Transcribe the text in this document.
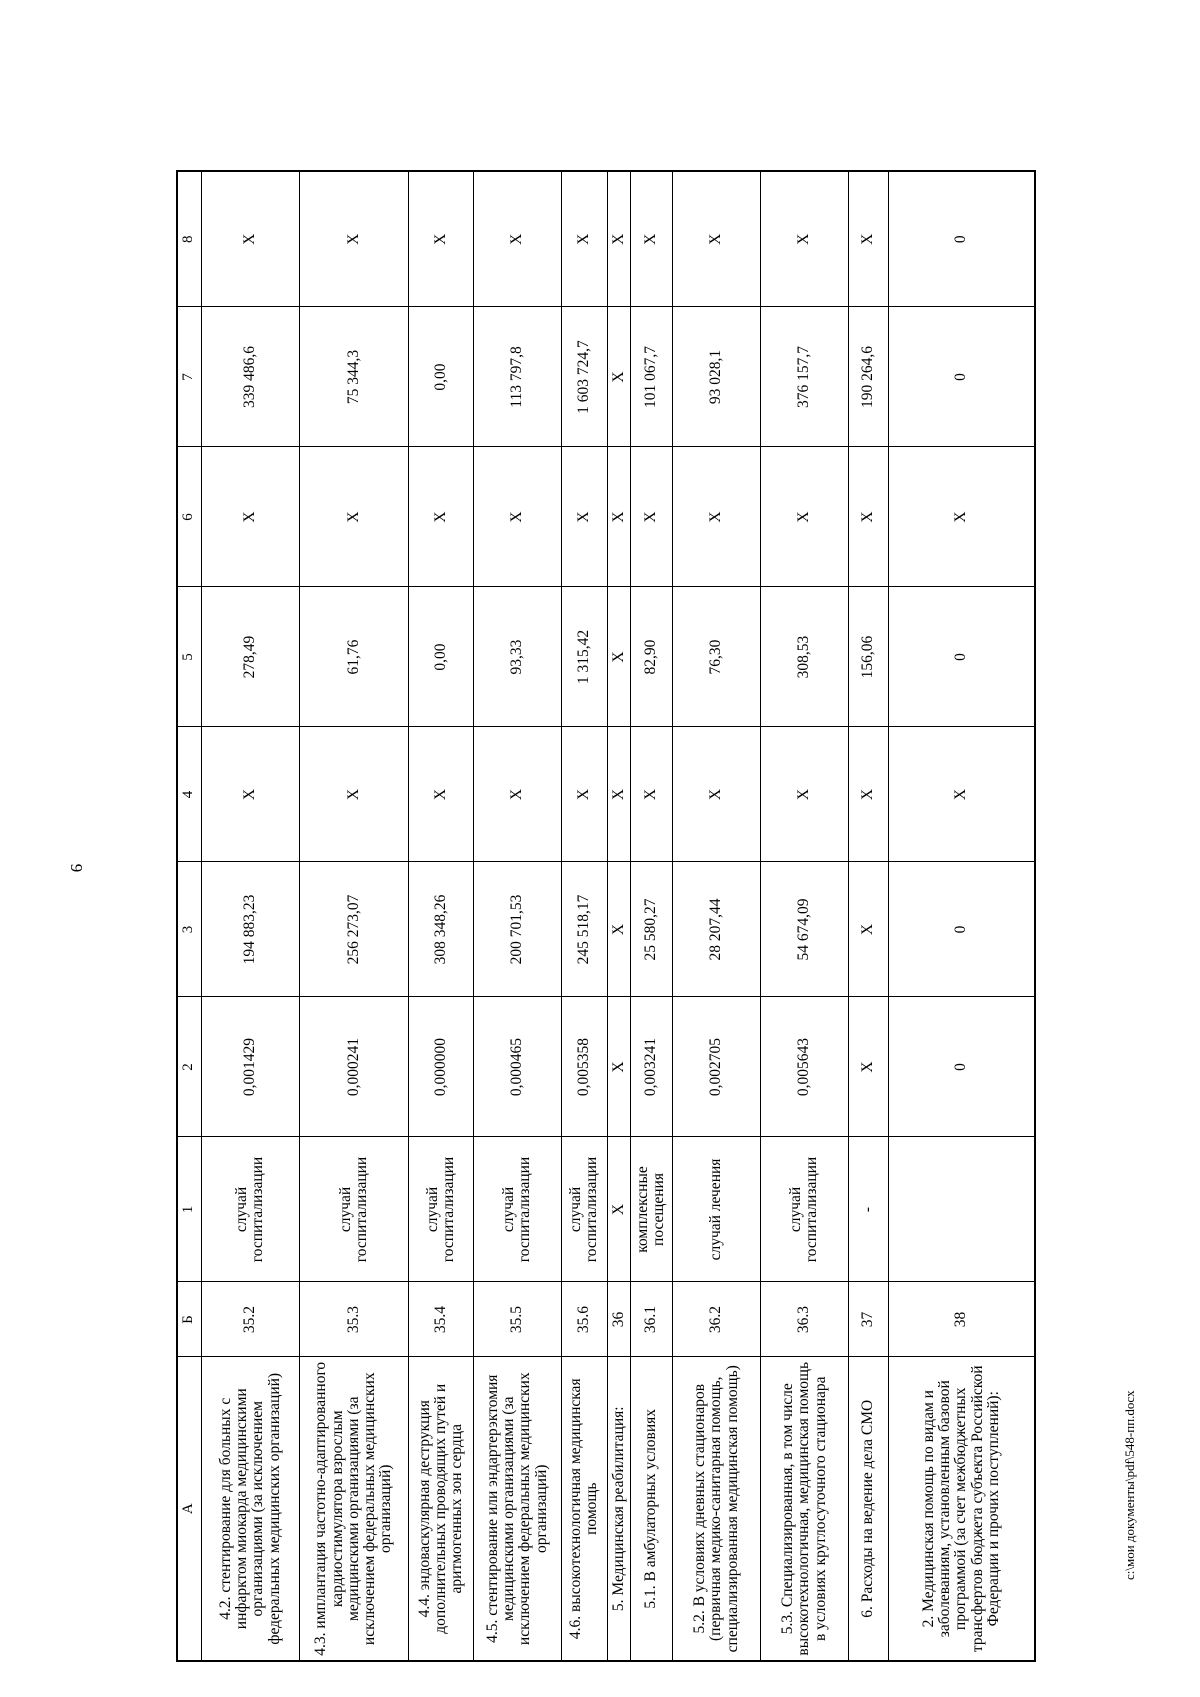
9
А	Б	1	2	3	4	5	6	7	8
4.2. стентирование для больных с инфарктом миокарда медицинскими организациями (за исключением федеральных медицинских организаций)	35.2	случай госпитализации	0,001429	194 883,23	Х	278,49	Х	339 486,6	Х
4.3. имплантация частотно-адаптированного кардиостимулятора взрослым медицинскими организациями (за исключением федеральных медицинских организаций)	35.3	случай госпитализации	0,000241	256 273,07	Х	61,76	Х	75 344,3	Х
4.4. эндоваскулярная деструкция дополнительных проводящих путей и аритмогенных зон сердца	35.4	случай госпитализации	0,000000	308 348,26	Х	0,00	Х	0,00	Х
4.5. стентирование или эндартерэктомия медицинскими организациями (за исключением федеральных медицинских организаций)	35.5	случай госпитализации	0,000465	200 701,53	Х	93,33	Х	113 797,8	Х
4.6. высокотехнологичная медицинская помощь	35.6	случай госпитализации	0,005358	245 518,17	Х	1 315,42	Х	1 603 724,7	Х
5. Медицинская реабилитация:	36	Х	Х	Х	Х	Х	Х	Х	Х
5.1. В амбулаторных условиях	36.1	комплексные посещения	0,003241	25 580,27	Х	82,90	Х	101 067,7	Х
5.2. В условиях дневных стационаров (первичная медико-санитарная помощь, специализированная медицинская помощь)	36.2	случай лечения	0,002705	28 207,44	Х	76,30	Х	93 028,1	Х
5.3. Специализированная, в том числе высокотехнологичная, медицинская помощь в условиях круглосуточного стационара	36.3	случай госпитализации	0,005643	54 674,09	Х	308,53	Х	376 157,7	Х
6. Расходы на ведение дела СМО	37	-	Х	Х	Х	156,06	Х	190 264,6	Х
2. Медицинская помощь по видам и заболеваниям, установленным базовой программой (за счет межбюджетных трансфертов бюджета субъекта Российской Федерации и прочих поступлений):	38		0	0	Х	0	Х	0	0
c:\мои документы\pdf\548-пп.docx
